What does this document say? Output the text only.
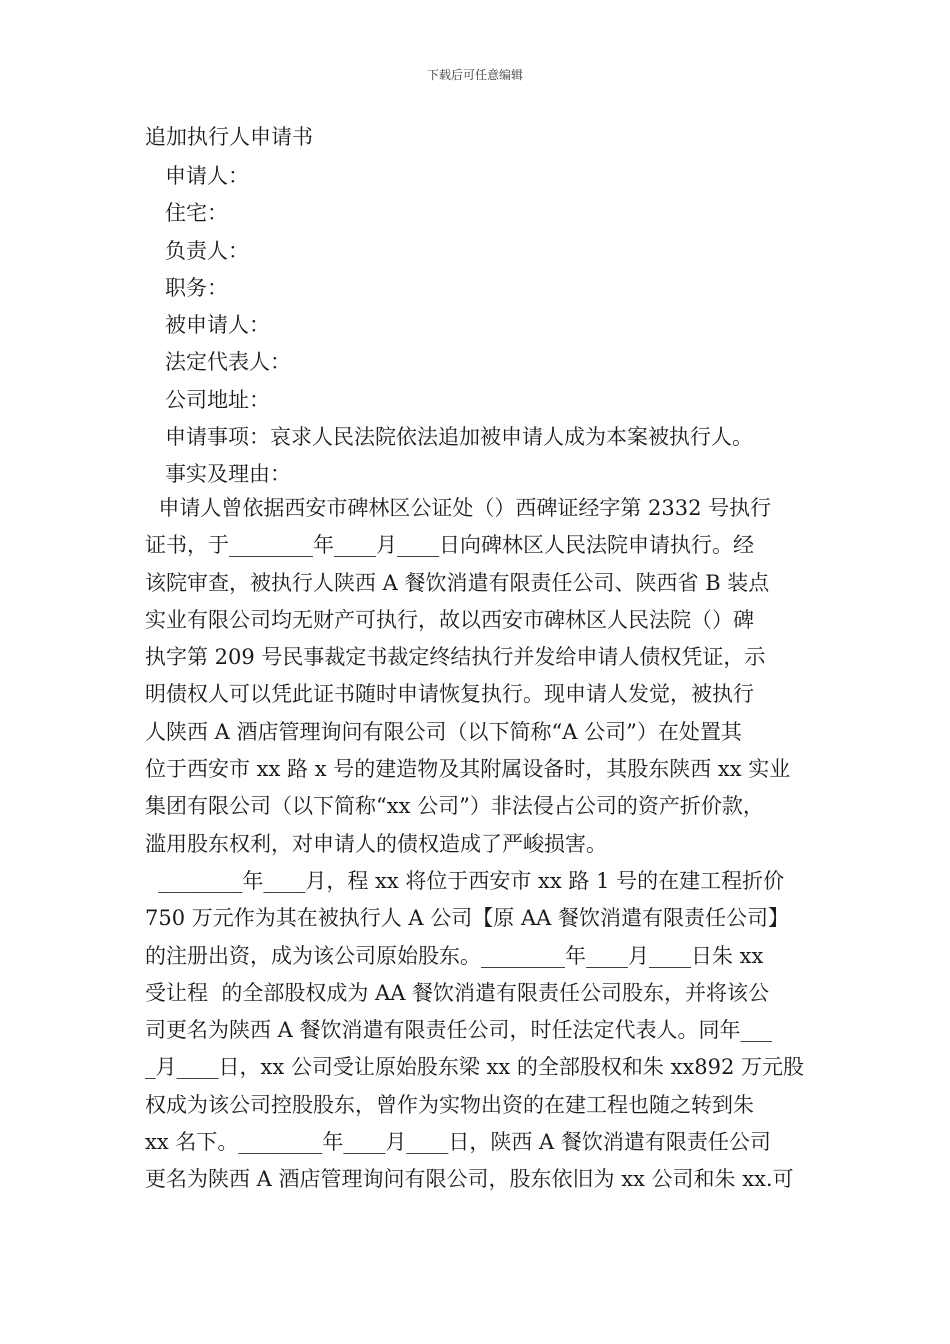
下载后可任意编辑
追加执行人申请书
申请人：
住宅：
负责人：
职务：
被申请人：
法定代表人：
公司地址：
申请事项：哀求人民法院依法追加被申请人成为本案被执行人。
事实及理由：
申请人曾依据西安市碑林区公证处（）西碑证经字第 2332 号执行
证书，于________年____月____日向碑林区人民法院申请执行。经
该院审查，被执行人陕西 A 餐饮消遣有限责任公司、陕西省 B 装点
实业有限公司均无财产可执行，故以西安市碑林区人民法院（）碑
执字第 209 号民事裁定书裁定终结执行并发给申请人债权凭证，示
明债权人可以凭此证书随时申请恢复执行。现申请人发觉，被执行
人陕西 A 酒店管理询问有限公司（以下简称“A 公司”）在处置其
位于西安市 xx 路 x 号的建造物及其附属设备时，其股东陕西 xx 实业
集团有限公司（以下简称“xx 公司”）非法侵占公司的资产折价款，
滥用股东权利，对申请人的债权造成了严峻损害。
________年____月，程 xx 将位于西安市 xx 路 1 号的在建工程折价
750 万元作为其在被执行人 A 公司【原 AA 餐饮消遣有限责任公司】
的注册出资，成为该公司原始股东。________年____月____日朱 xx
受让程  的全部股权成为 AA 餐饮消遣有限责任公司股东，并将该公
司更名为陕西 A 餐饮消遣有限责任公司，时任法定代表人。同年___
_月____日，xx 公司受让原始股东梁 xx 的全部股权和朱 xx892 万元股
权成为该公司控股股东，曾作为实物出资的在建工程也随之转到朱
xx 名下。________年____月____日，陕西 A 餐饮消遣有限责任公司
更名为陕西 A 酒店管理询问有限公司，股东依旧为 xx 公司和朱 xx.可
